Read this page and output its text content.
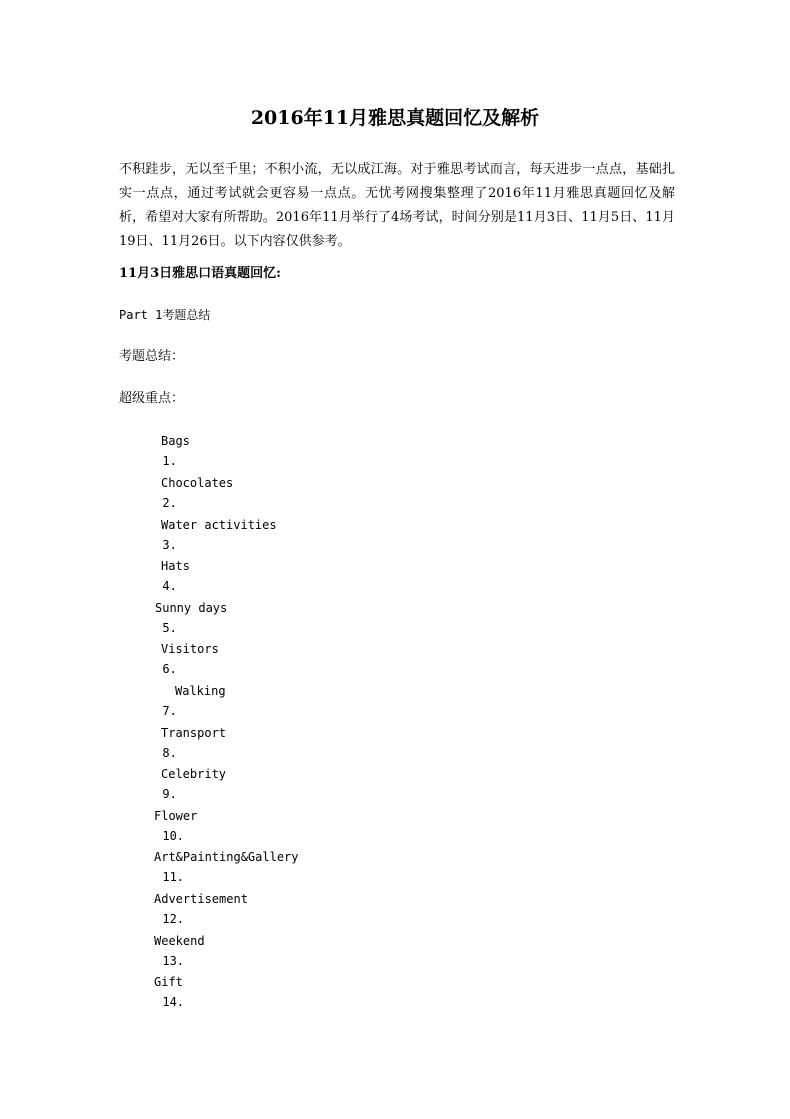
2016年11月雅思真题回忆及解析

不积跬步，无以至千里；不积小流，无以成江海。对于雅思考试而言，每天进步一点点，基础扎实一点点，通过考试就会更容易一点点。无忧考网搜集整理了2016年11月雅思真题回忆及解析，希望对大家有所帮助。2016年11月举行了4场考试，时间分别是11月3日、11月5日、11月19日、11月26日。以下内容仅供参考。

11月3日雅思口语真题回忆:

Part 1考题总结

考题总结：

超级重点：

1.

Bags

2.

Chocolates

3.

Water activities

4.

Hats

5.

Sunny days

6.

Visitors

7.

Walking

8.

Transport

9.

Celebrity

10.

Flower

11.

Art&Painting&Gallery

12.

Advertisement

13.

Weekend

14.

Gift
